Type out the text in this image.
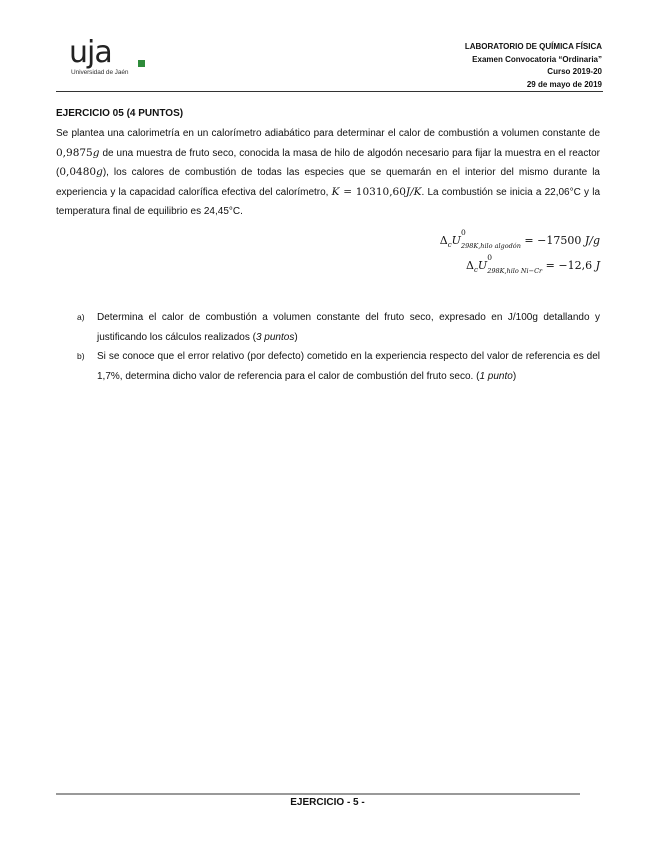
uja
Universidad de Jaén
LABORATORIO DE QUÍMICA FÍSICA
Examen Convocatoria “Ordinaria”
Curso 2019-20
29 de mayo de 2019
EJERCICIO 05 (4 PUNTOS)
Se plantea una calorimetría en un calorímetro adiabático para determinar el calor de combustión a volumen constante de 0,9875g de una muestra de fruto seco, conocida la masa de hilo de algodón necesario para fijar la muestra en el reactor (0,0480g), los calores de combustión de todas las especies que se quemarán en el interior del mismo durante la experiencia y la capacidad calorífica efectiva del calorímetro, K = 10310,60J/K. La combustión se inicia a 22,06°C y la temperatura final de equilibrio es 24,45°C.
$\Delta_cU$
0
298K,hilo algodón = −17500 J/g
$\Delta_cU$
0
298K,hilo Ni−Cr = −12,6 J
a) Determina el calor de combustión a volumen constante del fruto seco, expresado en J/100g detallando y justificando los cálculos realizados (3 puntos)
b) Si se conoce que el error relativo (por defecto) cometido en la experiencia respecto del valor de referencia es del 1,7%, determina dicho valor de referencia para el calor de combustión del fruto seco. (1 punto)
EJERCICIO - 5 -
